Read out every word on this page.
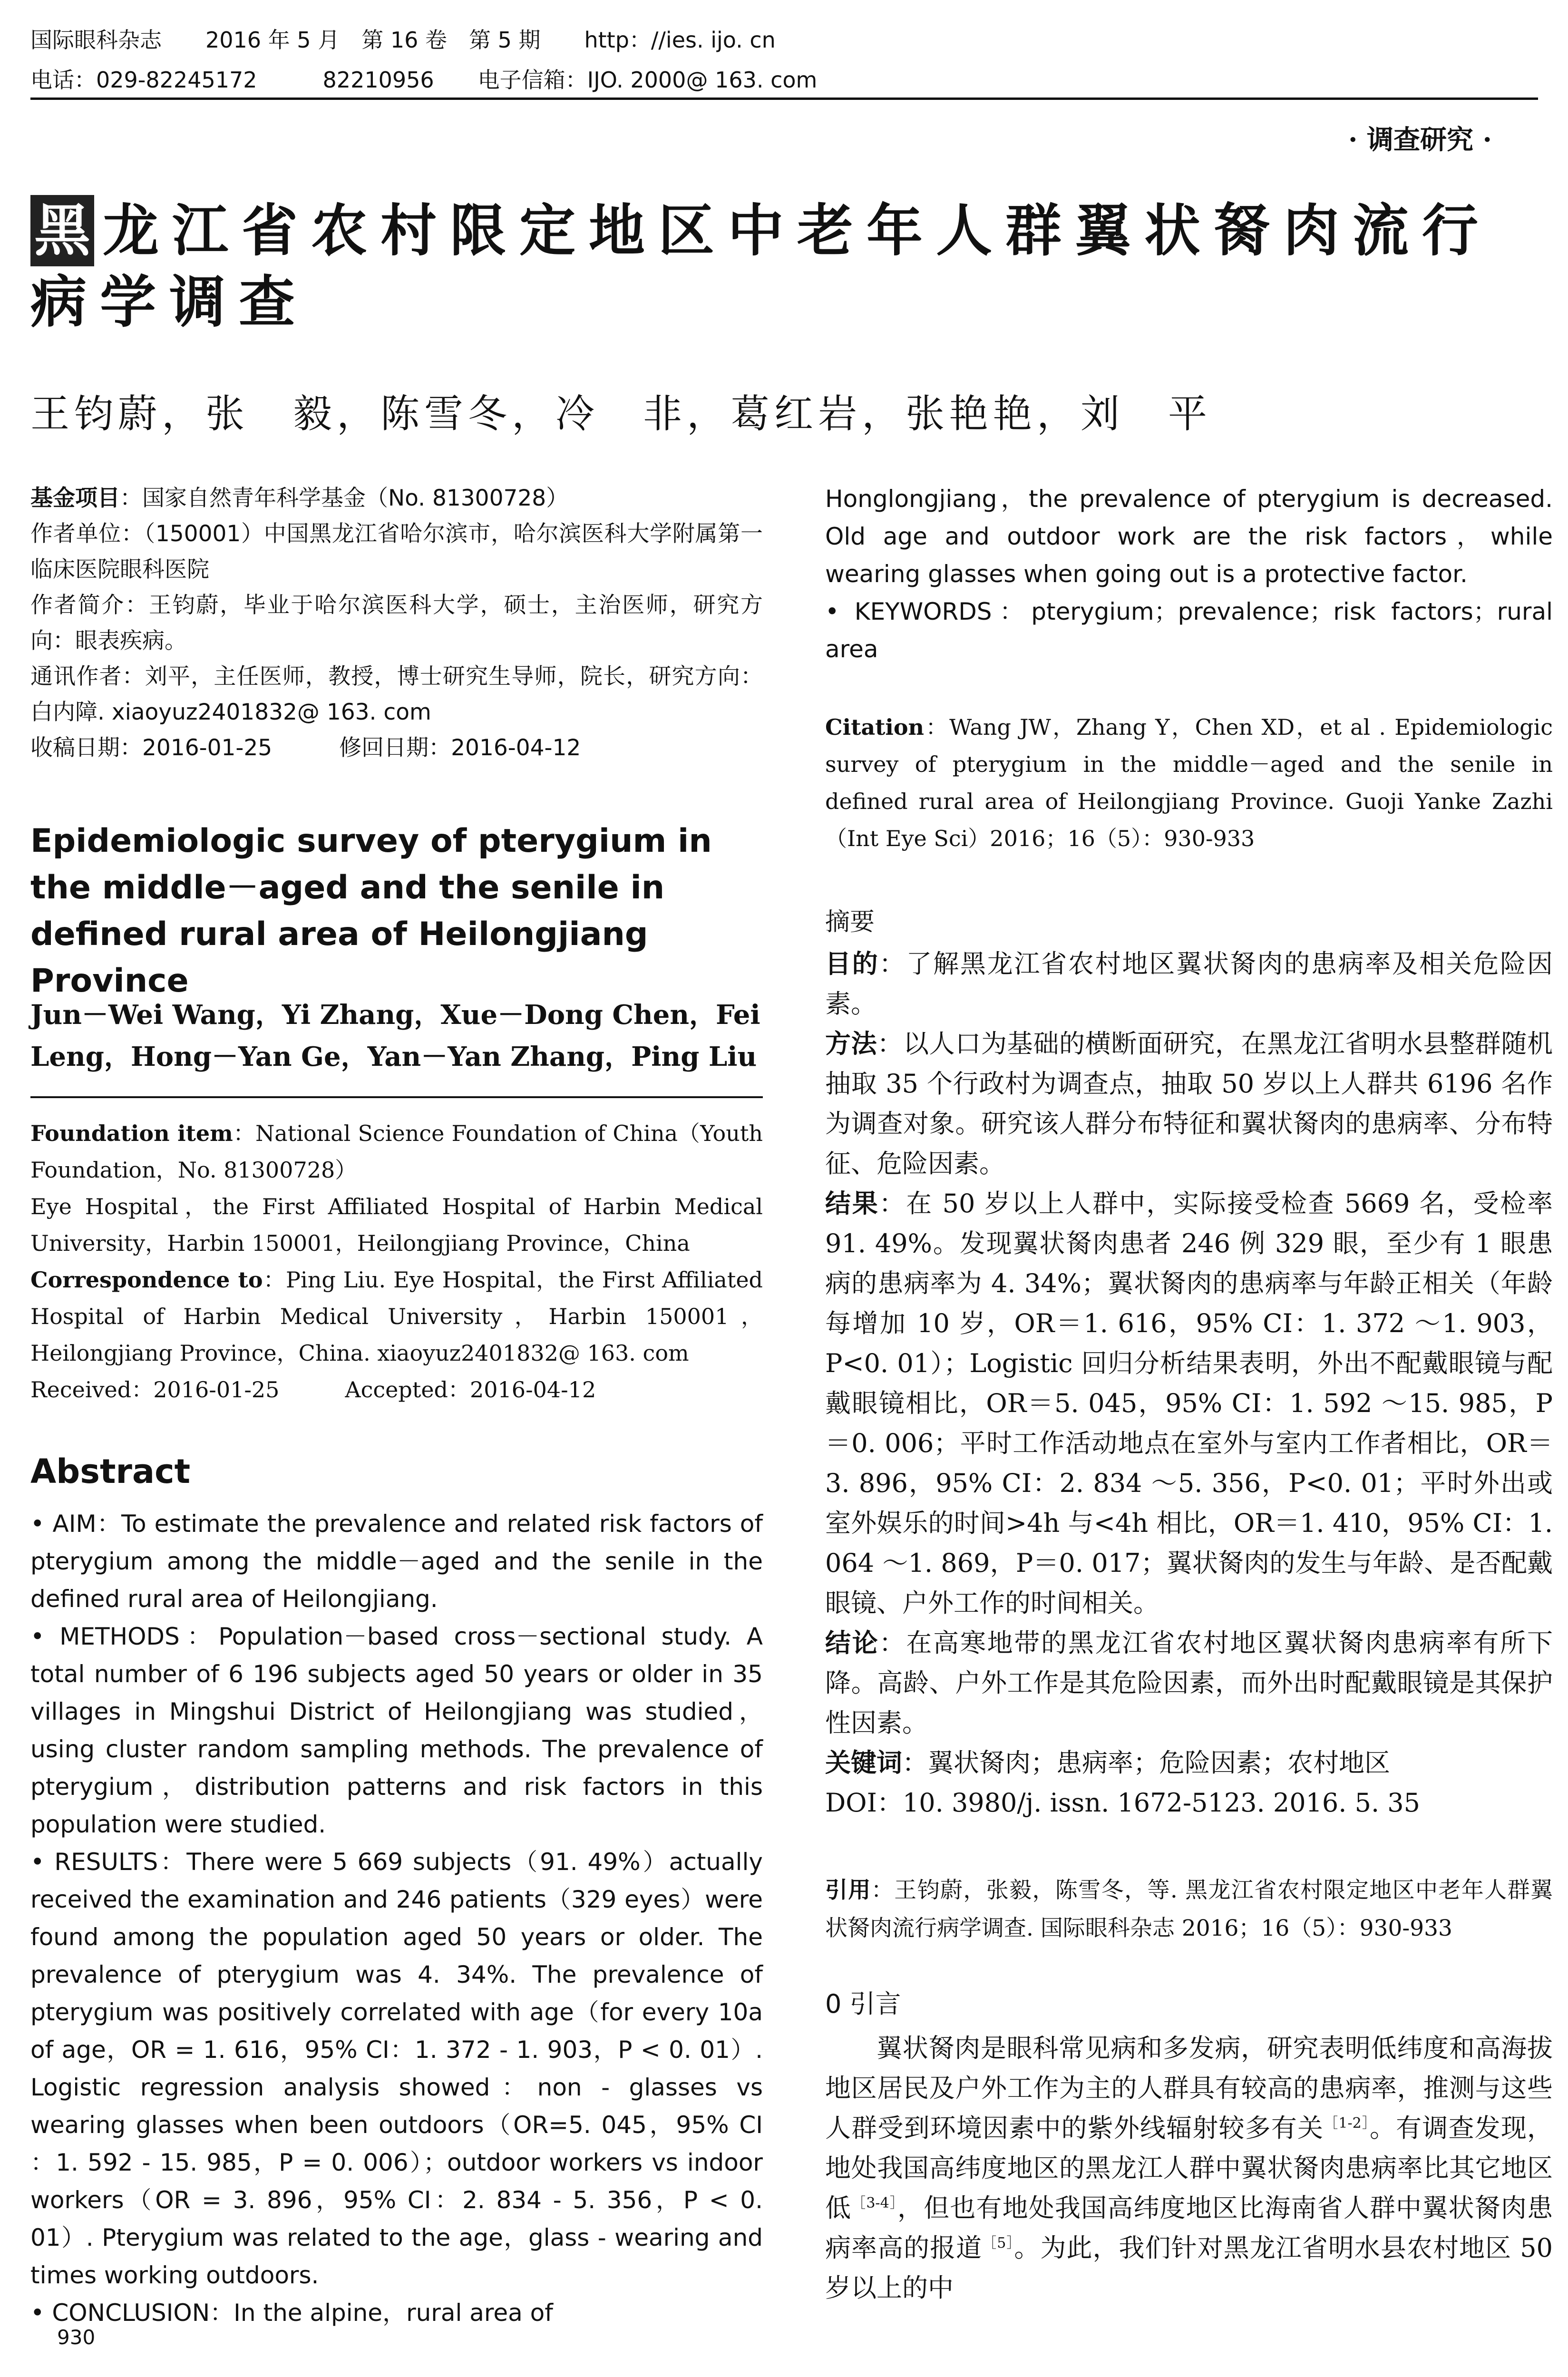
国际眼科杂志　　2016 年 5 月　第 16 卷　第 5 期　　http：//ies. ijo. cn
电话：029-82245172　　　82210956　　电子信箱：IJO. 2000@ 163. com
· 调查研究 ·
黑 龙江省农村限定地区中老年人群翼状胬肉流行病学调查
王钧蔚，张　毅，陈雪冬，冷　非，葛红岩，张艳艳，刘　平

基金项目：国家自然青年科学基金（No. 81300728）

作者单位：（150001）中国黑龙江省哈尔滨市，哈尔滨医科大学附属第一临床医院眼科医院

作者简介：王钧蔚，毕业于哈尔滨医科大学，硕士，主治医师，研究方向：眼表疾病。

通讯作者：刘平，主任医师，教授，博士研究生导师，院长，研究方向：白内障. xiaoyuz2401832@ 163. com

收稿日期：2016-01-25　　　修回日期：2016-04-12

Epidemiologic survey of pterygium in the middle－aged and the senile in defined rural area of Heilongjiang Province
Jun－Wei Wang，Yi Zhang，Xue－Dong Chen，Fei Leng，Hong－Yan Ge，Yan－Yan Zhang，Ping Liu

Foundation item：National Science Foundation of China（Youth Foundation，No. 81300728）

Eye Hospital，the First Affiliated Hospital of Harbin Medical University，Harbin 150001，Heilongjiang Province，China

Correspondence to：Ping Liu. Eye Hospital，the First Affiliated Hospital of Harbin Medical University，Harbin 150001，Heilongjiang Province，China. xiaoyuz2401832@ 163. com

Received：2016-01-25　　　Accepted：2016-04-12

Abstract

• AIM：To estimate the prevalence and related risk factors of pterygium among the middle－aged and the senile in the defined rural area of Heilongjiang.

• METHODS：Population－based cross－sectional study. A total number of 6 196 subjects aged 50 years or older in 35 villages in Mingshui District of Heilongjiang was studied，using cluster random sampling methods. The prevalence of pterygium，distribution patterns and risk factors in this population were studied.

• RESULTS：There were 5 669 subjects（91. 49%）actually received the examination and 246 patients（329 eyes）were found among the population aged 50 years or older. The prevalence of pterygium was 4. 34%. The prevalence of pterygium was positively correlated with age（for every 10a of age，OR = 1. 616，95% CI：1. 372 - 1. 903，P < 0. 01）. Logistic regression analysis showed：non - glasses vs wearing glasses when been outdoors（OR=5. 045，95% CI ：1. 592 - 15. 985，P = 0. 006）；outdoor workers vs indoor workers（OR = 3. 896，95% CI：2. 834 - 5. 356，P < 0. 01）. Pterygium was related to the age，glass - wearing and times working outdoors.

• CONCLUSION：In the alpine，rural area of

Honglongjiang，the prevalence of pterygium is decreased. Old age and outdoor work are the risk factors，while wearing glasses when going out is a protective factor.

• KEYWORDS：pterygium；prevalence；risk factors；rural area

Citation：Wang JW，Zhang Y，Chen XD，et al . Epidemiologic survey of pterygium in the middle－aged and the senile in defined rural area of Heilongjiang Province. Guoji Yanke Zazhi（Int Eye Sci）2016；16（5）：930-933
摘要

目的：了解黑龙江省农村地区翼状胬肉的患病率及相关危险因素。

方法：以人口为基础的横断面研究，在黑龙江省明水县整群随机抽取 35 个行政村为调查点，抽取 50 岁以上人群共 6196 名作为调查对象。研究该人群分布特征和翼状胬肉的患病率、分布特征、危险因素。

结果：在 50 岁以上人群中，实际接受检查 5669 名，受检率 91. 49%。发现翼状胬肉患者 246 例 329 眼，至少有 1 眼患病的患病率为 4. 34%；翼状胬肉的患病率与年龄正相关（年龄每增加 10 岁，OR＝1. 616，95% CI：1. 372 ～1. 903，P<0. 01）；Logistic 回归分析结果表明，外出不配戴眼镜与配戴眼镜相比，OR＝5. 045，95% CI：1. 592 ～15. 985，P＝0. 006；平时工作活动地点在室外与室内工作者相比，OR＝3. 896，95% CI：2. 834 ～5. 356，P<0. 01；平时外出或室外娱乐的时间>4h 与<4h 相比，OR＝1. 410，95% CI：1. 064 ～1. 869，P＝0. 017；翼状胬肉的发生与年龄、是否配戴眼镜、户外工作的时间相关。

结论：在高寒地带的黑龙江省农村地区翼状胬肉患病率有所下降。高龄、户外工作是其危险因素，而外出时配戴眼镜是其保护性因素。

关键词：翼状胬肉；患病率；危险因素；农村地区

DOI：10. 3980/j. issn. 1672-5123. 2016. 5. 35

引用：王钧蔚，张毅，陈雪冬，等. 黑龙江省农村限定地区中老年人群翼状胬肉流行病学调查. 国际眼科杂志 2016；16（5）：930-933
0 引言
翼状胬肉是眼科常见病和多发病，研究表明低纬度和高海拔地区居民及户外工作为主的人群具有较高的患病率，推测与这些人群受到环境因素中的紫外线辐射较多有关$^{[1-2]}$。有调查发现，地处我国高纬度地区的黑龙江人群中翼状胬肉患病率比其它地区低$^{[3-4]}$，但也有地处我国高纬度地区比海南省人群中翼状胬肉患病率高的报道$^{[5]}$。为此，我们针对黑龙江省明水县农村地区 50 岁以上的中
930
